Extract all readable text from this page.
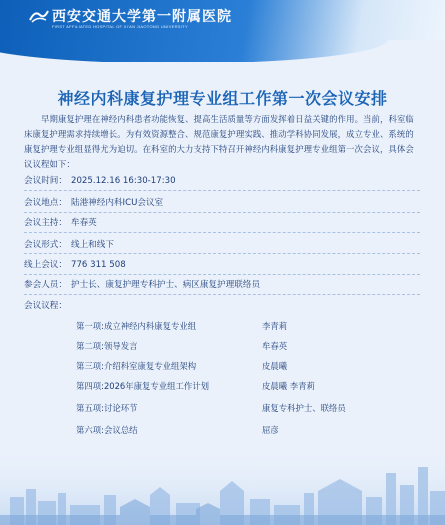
西安交通大学第一附属医院
FIRST AFFILIATED HOSPITAL OF XI'AN JIAOTONG UNIVERSITY
神经内科康复护理专业组工作第一次会议安排
早期康复护理在神经内科患者功能恢复、提高生活质量等方面发挥着日益关键的作用。当前，科室临床康复护理需求持续增长。为有效资源整合、规范康复护理实践、推动学科协同发展，成立专业、系统的康复护理专业组显得尤为迫切。在科室的大力支持下特召开神经内科康复护理专业组第一次会议，具体会议议程如下：
会议时间： 2025.12.16 16:30-17:30
会议地点： 陆港神经内科ICU会议室
会议主持： 牟春英
会议形式： 线上和线下
线上会议： 776 311 508
参会人员： 护士长、康复护理专科护士、病区康复护理联络员
会议议程：
第一项:成立神经内科康复专业组	李青莉
第二项:领导发言	牟春英
第三项:介绍科室康复专业组架构	皮晨曦
第四项:2026年康复专业组工作计划	皮晨曦 李青莉
第五项:讨论环节	康复专科护士、联络员
第六项:会议总结	屈彦
